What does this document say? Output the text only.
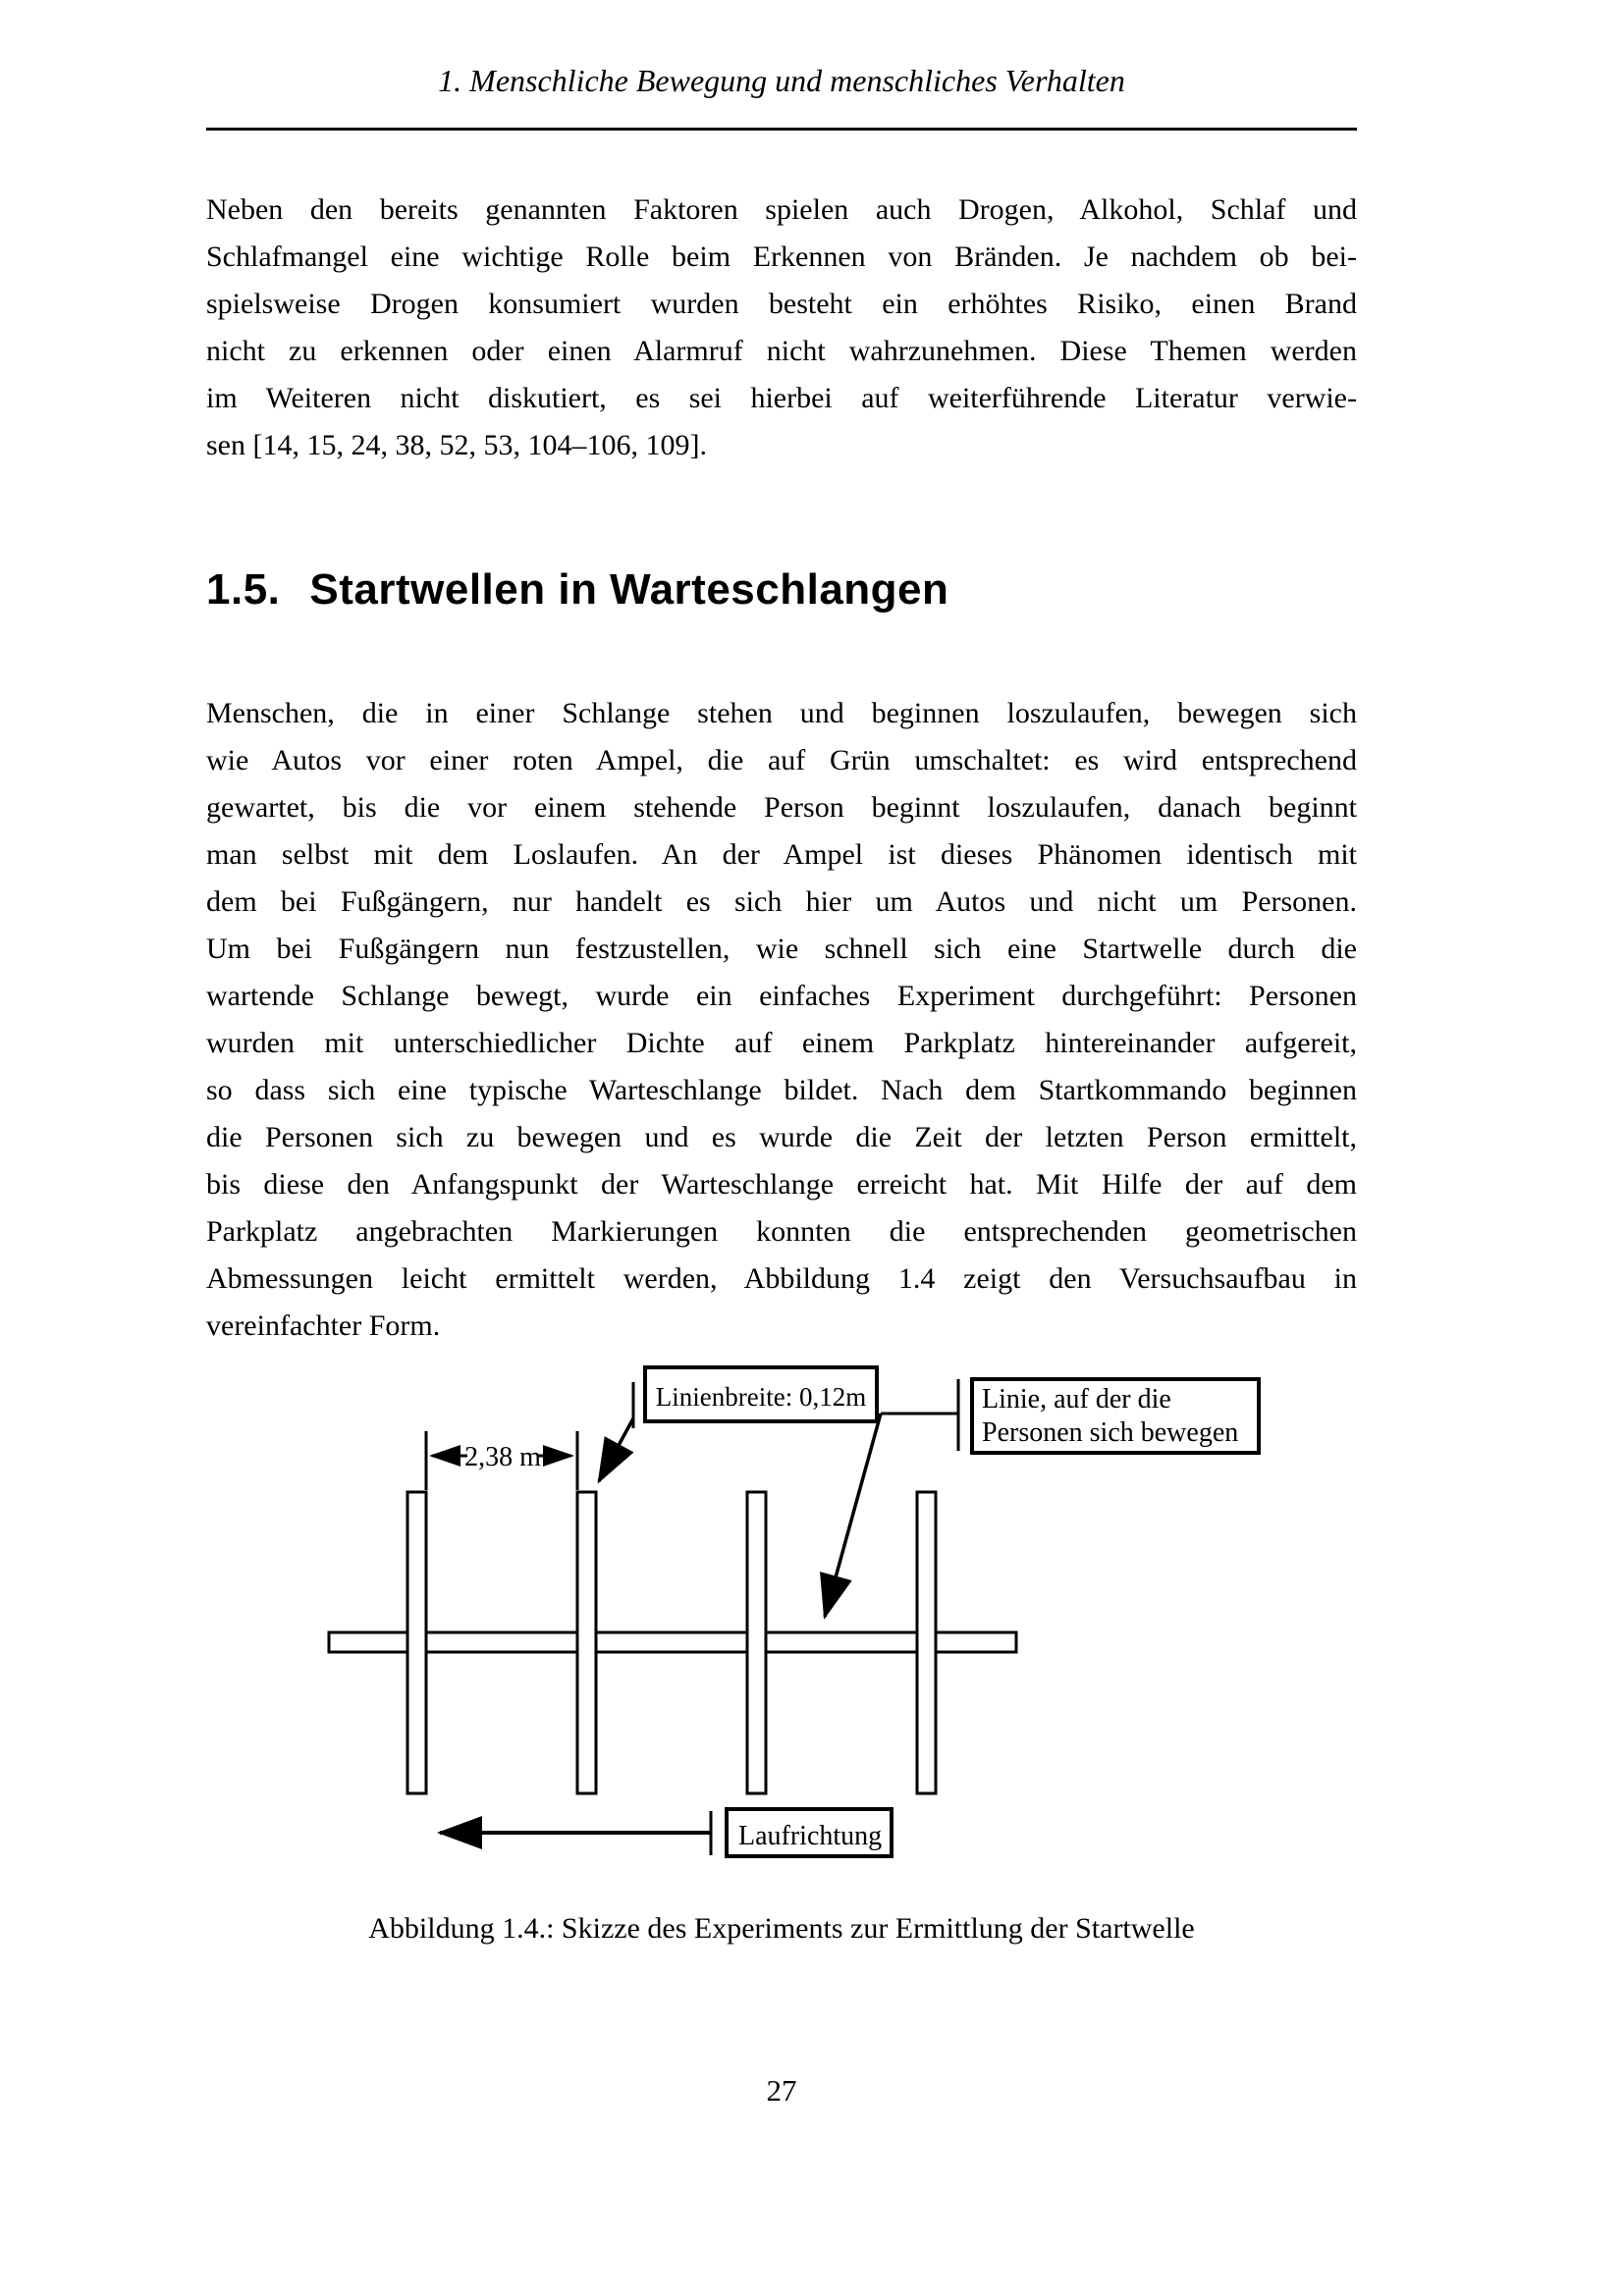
1. Menschliche Bewegung und menschliches Verhalten
Neben den bereits genannten Faktoren spielen auch Drogen, Alkohol, Schlaf und
Schlafmangel eine wichtige Rolle beim Erkennen von Bränden. Je nachdem ob bei-
spielsweise Drogen konsumiert wurden besteht ein erhöhtes Risiko, einen Brand
nicht zu erkennen oder einen Alarmruf nicht wahrzunehmen. Diese Themen werden
im Weiteren nicht diskutiert, es sei hierbei auf weiterführende Literatur verwie-
sen [14, 15, 24, 38, 52, 53, 104–106, 109].
1.5. Startwellen in Warteschlangen
Menschen, die in einer Schlange stehen und beginnen loszulaufen, bewegen sich
wie Autos vor einer roten Ampel, die auf Grün umschaltet: es wird entsprechend
gewartet, bis die vor einem stehende Person beginnt loszulaufen, danach beginnt
man selbst mit dem Loslaufen. An der Ampel ist dieses Phänomen identisch mit
dem bei Fußgängern, nur handelt es sich hier um Autos und nicht um Personen.
Um bei Fußgängern nun festzustellen, wie schnell sich eine Startwelle durch die
wartende Schlange bewegt, wurde ein einfaches Experiment durchgeführt: Personen
wurden mit unterschiedlicher Dichte auf einem Parkplatz hintereinander aufgereit,
so dass sich eine typische Warteschlange bildet. Nach dem Startkommando beginnen
die Personen sich zu bewegen und es wurde die Zeit der letzten Person ermittelt,
bis diese den Anfangspunkt der Warteschlange erreicht hat. Mit Hilfe der auf dem
Parkplatz angebrachten Markierungen konnten die entsprechenden geometrischen
Abmessungen leicht ermittelt werden, Abbildung 1.4 zeigt den Versuchsaufbau in
vereinfachter Form.
2,38 m
Linienbreite: 0,12m	Linie, auf der die
Personen sich bewegen
Laufrichtung
Abbildung 1.4.: Skizze des Experiments zur Ermittlung der Startwelle
27
